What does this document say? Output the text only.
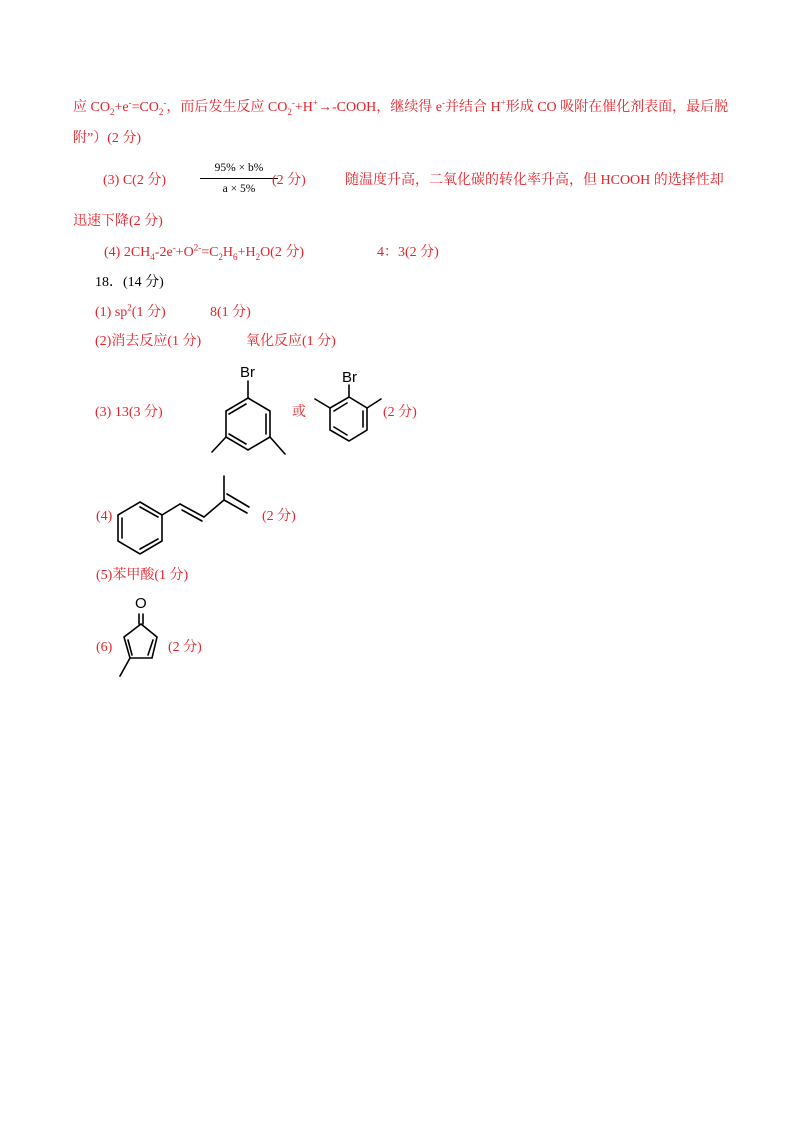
应 $CO_2+e^-=CO_2^-$，而后发生反应 $CO_2^-+H^+\to$-COOH，继续得 e-并结合 H+形成 CO 吸附在催化剂表面，最后脱
附”）(2 分)
(3) C(2 分)
95% × b%
a × 5%
(2 分)	随温度升高，二氧化碳的转化率升高，但 HCOOH 的选择性却
迅速下降(2 分)
(4) $2CH_4-2e^-+O^{2-}=C_2H_6+H_2O(2$ 分)	4：3(2 分)
18．(14 分)
(1) $sp^2(1$ 分)	8(1 分)
(2)消去反应(1 分)	氧化反应(1 分)
(3) 13(3 分)
Br
或
Br
(2 分)
(4)	(2 分)
(5)苯甲酸(1 分)
(6)
O
(2 分)
